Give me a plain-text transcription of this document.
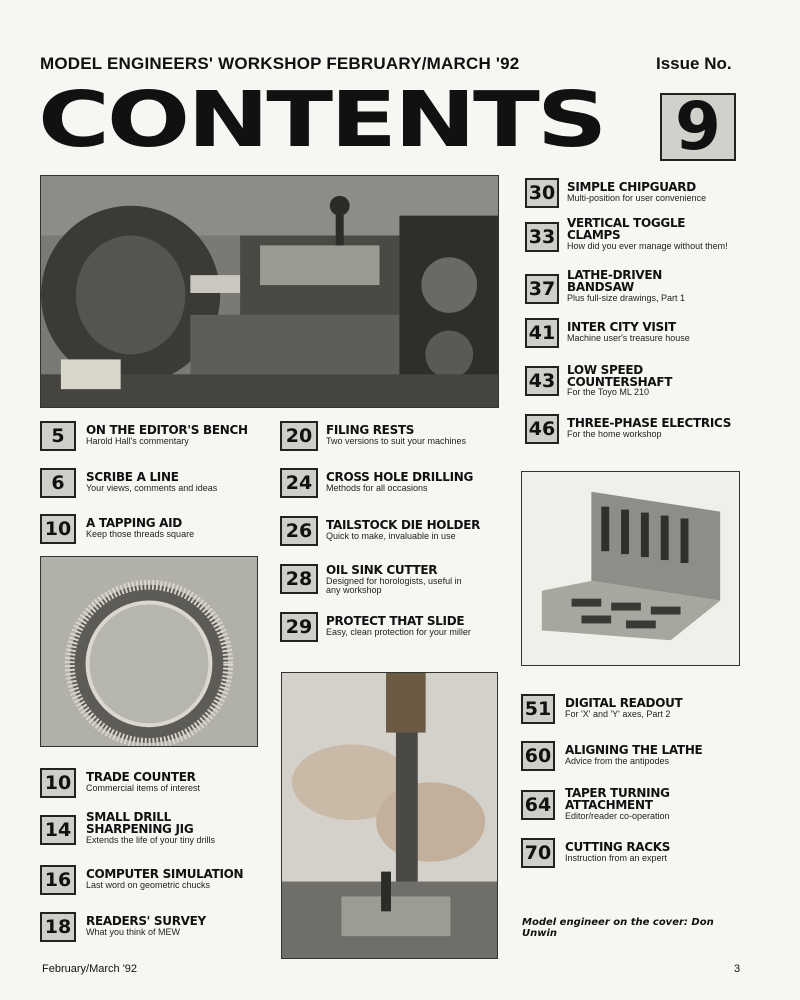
MODEL ENGINEERS' WORKSHOP FEBRUARY/MARCH '92	Issue No.
CONTENTS 9
30 SIMPLE CHIPGUARD
Multi-position for user convenience
33
VERTICAL TOGGLE CLAMPS
How did you ever manage without them!
37
LATHE-DRIVEN BANDSAW
Plus full-size drawings, Part 1
41 INTER CITY VISIT
Machine user's treasure house
43 LOW SPEED COUNTERSHAFT
For the Toyo ML 210
46 THREE-PHASE ELECTRICS
For the home workshop
5	ON THE EDITOR'S BENCH
Harold Hall's commentary
6	SCRIBE A LINE
Your views, comments and ideas
10	A TAPPING AID
Keep those threads square
20	FILING RESTS
Two versions to suit your machines
24	CROSS HOLE DRILLING
Methods for all occasions
26	TAILSTOCK DIE HOLDER
Quick to make, invaluable in use
28	OIL SINK CUTTER
Designed for horologists, useful in any workshop
29	PROTECT THAT SLIDE
Easy, clean protection for your miller
51	DIGITAL READOUT
For 'X' and 'Y' axes, Part 2
60	ALIGNING THE LATHE
Advice from the antipodes
64
TAPER TURNING ATTACHMENT
Editor/reader co-operation
70	CUTTING RACKS
Instruction from an expert
10	TRADE COUNTER
Commercial items of interest
14
SMALL DRILL SHARPENING JIG
Extends the life of your tiny drills
16	COMPUTER SIMULATION
Last word on geometric chucks
18	READERS' SURVEY
What you think of MEW
Model engineer on the cover: Don Unwin
February/March '92	3
